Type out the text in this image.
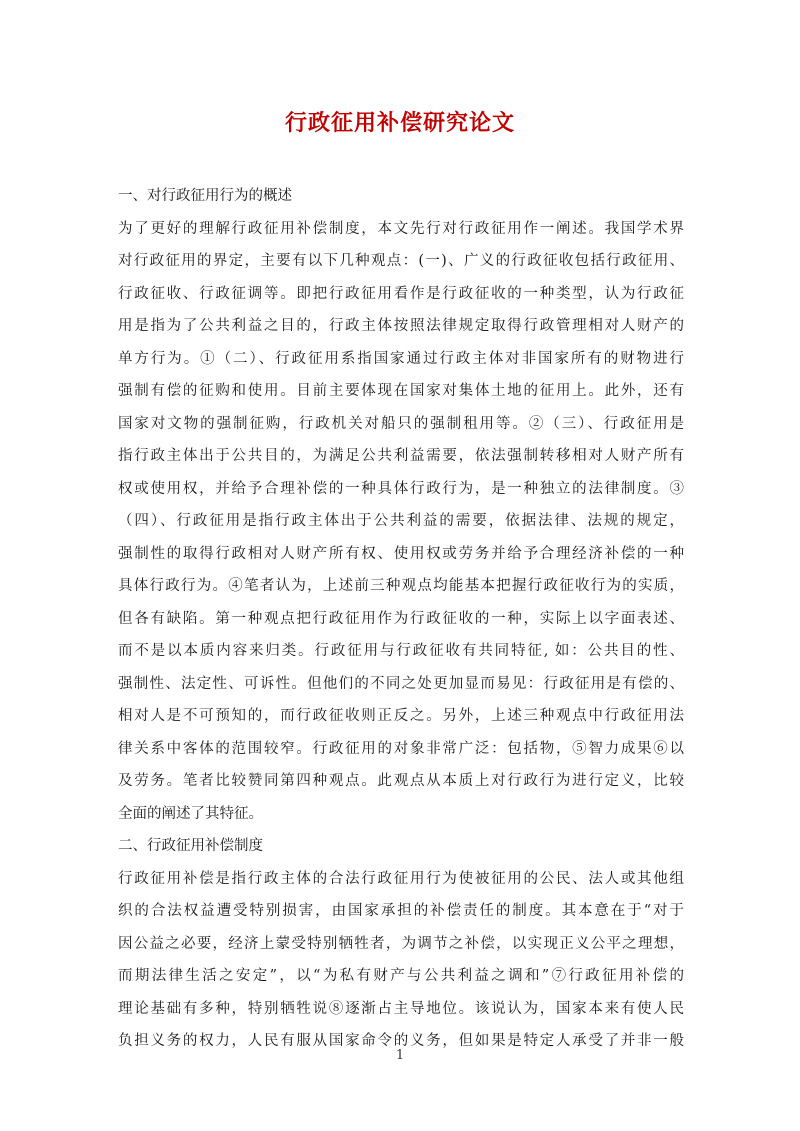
行政征用补偿研究论文
一、对行政征用行为的概述
为了更好的理解行政征用补偿制度，本文先行对行政征用作一阐述。我国学术界
对行政征用的界定，主要有以下几种观点：(一)、广义的行政征收包括行政征用、
行政征收、行政征调等。即把行政征用看作是行政征收的一种类型，认为行政征
用是指为了公共利益之目的，行政主体按照法律规定取得行政管理相对人财产的
单方行为。①（二）、行政征用系指国家通过行政主体对非国家所有的财物进行
强制有偿的征购和使用。目前主要体现在国家对集体土地的征用上。此外，还有
国家对文物的强制征购，行政机关对船只的强制租用等。②（三）、行政征用是
指行政主体出于公共目的，为满足公共利益需要，依法强制转移相对人财产所有
权或使用权，并给予合理补偿的一种具体行政行为，是一种独立的法律制度。③
（四）、行政征用是指行政主体出于公共利益的需要，依据法律、法规的规定，
强制性的取得行政相对人财产所有权、使用权或劳务并给予合理经济补偿的一种
具体行政行为。④笔者认为，上述前三种观点均能基本把握行政征收行为的实质，
但各有缺陷。第一种观点把行政征用作为行政征收的一种，实际上以字面表述、
而不是以本质内容来归类。行政征用与行政征收有共同特征, 如：公共目的性、
强制性、法定性、可诉性。但他们的不同之处更加显而易见：行政征用是有偿的、
相对人是不可预知的，而行政征收则正反之。另外，上述三种观点中行政征用法
律关系中客体的范围较窄。行政征用的对象非常广泛：包括物，⑤智力成果⑥以
及劳务。笔者比较赞同第四种观点。此观点从本质上对行政行为进行定义，比较
全面的阐述了其特征。
二、行政征用补偿制度
行政征用补偿是指行政主体的合法行政征用行为使被征用的公民、法人或其他组
织的合法权益遭受特别损害，由国家承担的补偿责任的制度。其本意在于“对于
因公益之必要，经济上蒙受特别牺牲者，为调节之补偿，以实现正义公平之理想，
而期法律生活之安定”，以“为私有财产与公共利益之调和”⑦行政征用补偿的
理论基础有多种，特别牺牲说⑧逐渐占主导地位。该说认为，国家本来有使人民
负担义务的权力，人民有服从国家命令的义务，但如果是特定人承受了并非一般
1
